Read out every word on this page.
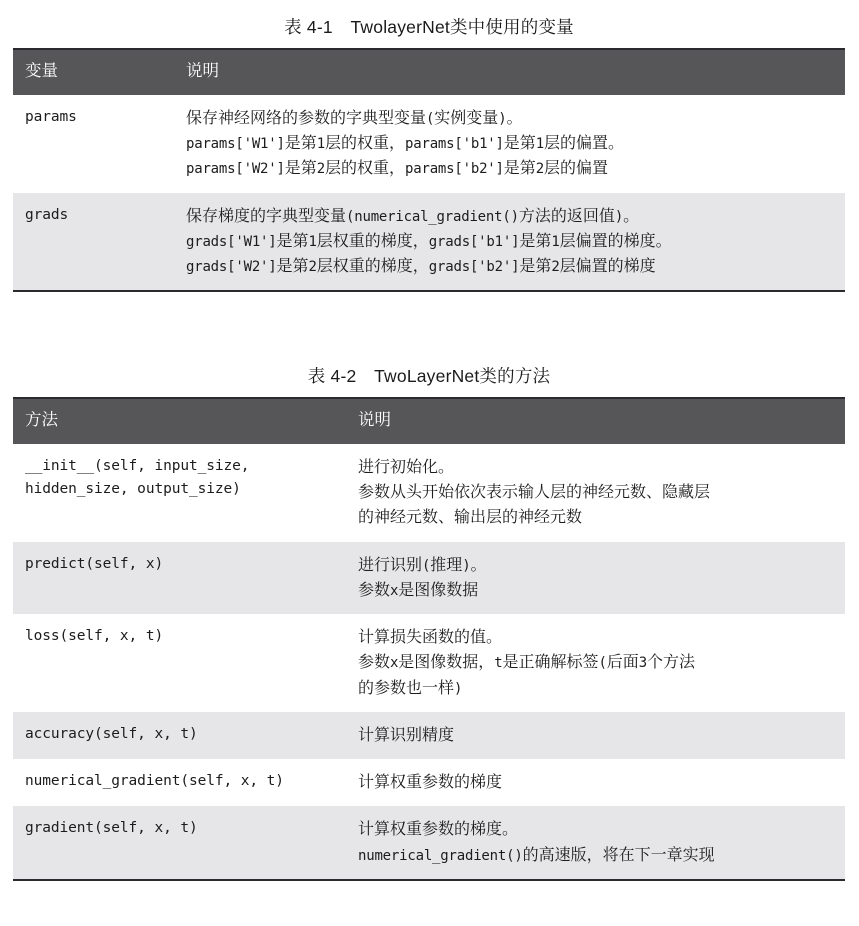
表 4-1　TwolayerNet类中使用的变量
变量	说明

params	保存神经网络的参数的字典型变量(实例变量)。
params['W1']是第1层的权重，params['b1']是第1层的偏置。
params['W2']是第2层的权重，params['b2']是第2层的偏置

grads	保存梯度的字典型变量(numerical_gradient()方法的返回值)。
grads['W1']是第1层权重的梯度，grads['b1']是第1层偏置的梯度。
grads['W2']是第2层权重的梯度，grads['b2']是第2层偏置的梯度
表 4-2　TwoLayerNet类的方法
方法	说明

__init__(self, input_size,
hidden_size, output_size)	进行初始化。
参数从头开始依次表示输人层的神经元数、隐藏层
的神经元数、输出层的神经元数

predict(self, x)	进行识别(推理)。
参数x是图像数据

loss(self, x, t)	计算损失函数的值。
参数x是图像数据，t是正确解标签(后面3个方法
的参数也一样)

accuracy(self, x, t)	计算识别精度

numerical_gradient(self, x, t)	计算权重参数的梯度

gradient(self, x, t)	计算权重参数的梯度。
numerical_gradient()的高速版，将在下一章实现
